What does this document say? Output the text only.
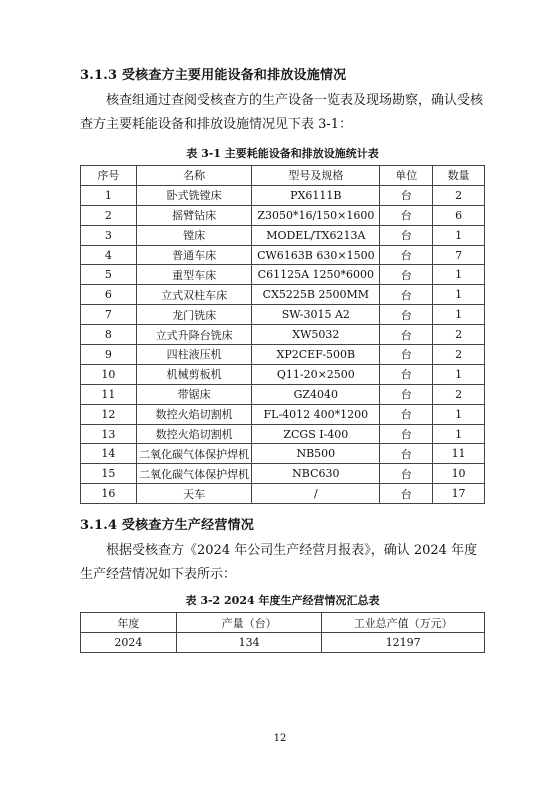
3.1.3 受核查方主要用能设备和排放设施情况
核查组通过查阅受核查方的生产设备一览表及现场勘察，确认受核查方主要耗能设备和排放设施情况见下表 3-1：
表 3-1 主要耗能设备和排放设施统计表
序号	名称	型号及规格	单位	数量
1	卧式铣镗床	PX6111B	台	2
2	摇臂钻床	Z3050*16/150×1600	台	6
3	镗床	MODEL/TX6213A	台	1
4	普通车床	CW6163B 630×1500	台	7
5	重型车床	C61125A 1250*6000	台	1
6	立式双柱车床	CX5225B 2500MM	台	1
7	龙门铣床	SW-3015 A2	台	1
8	立式升降台铣床	XW5032	台	2
9	四柱液压机	XP2CEF-500B	台	2
10	机械剪板机	Q11-20×2500	台	1
11	带锯床	GZ4040	台	2
12	数控火焰切割机	FL-4012 400*1200	台	1
13	数控火焰切割机	ZCGS I-400	台	1
14	二氧化碳气体保护焊机	NB500	台	11
15	二氧化碳气体保护焊机	NBC630	台	10
16	天车	/	台	17
3.1.4 受核查方生产经营情况
根据受核查方《2024 年公司生产经营月报表》，确认 2024 年度生产经营情况如下表所示：
表 3-2 2024 年度生产经营情况汇总表
年度	产量（台）	工业总产值（万元）
2024	134	12197
12
